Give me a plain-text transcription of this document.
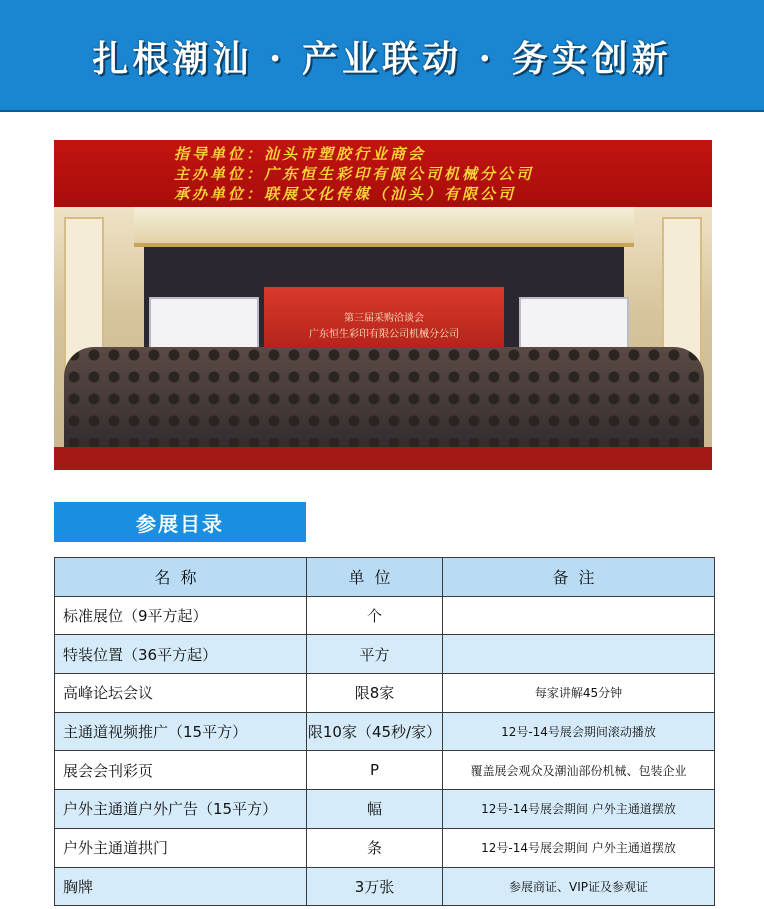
扎根潮汕 · 产业联动 · 务实创新
指导单位：汕头市塑胶行业商会
主办单位：广东恒生彩印有限公司机械分公司
承办单位：联展文化传媒（汕头）有限公司
第三届采购洽谈会
广东恒生彩印有限公司机械分公司
参展目录
名称	单位	备注
标准展位（9平方起）	个	
特装位置（36平方起）	平方	
高峰论坛会议	限8家	每家讲解45分钟
主通道视频推广（15平方）	限10家（45秒/家）	12号-14号展会期间滚动播放
展会会刊彩页	P	覆盖展会观众及潮汕部份机械、包装企业
户外主通道户外广告（15平方）	幅	12号-14号展会期间 户外主通道摆放
户外主通道拱门	条	12号-14号展会期间 户外主通道摆放
胸牌	3万张	参展商证、VIP证及参观证
